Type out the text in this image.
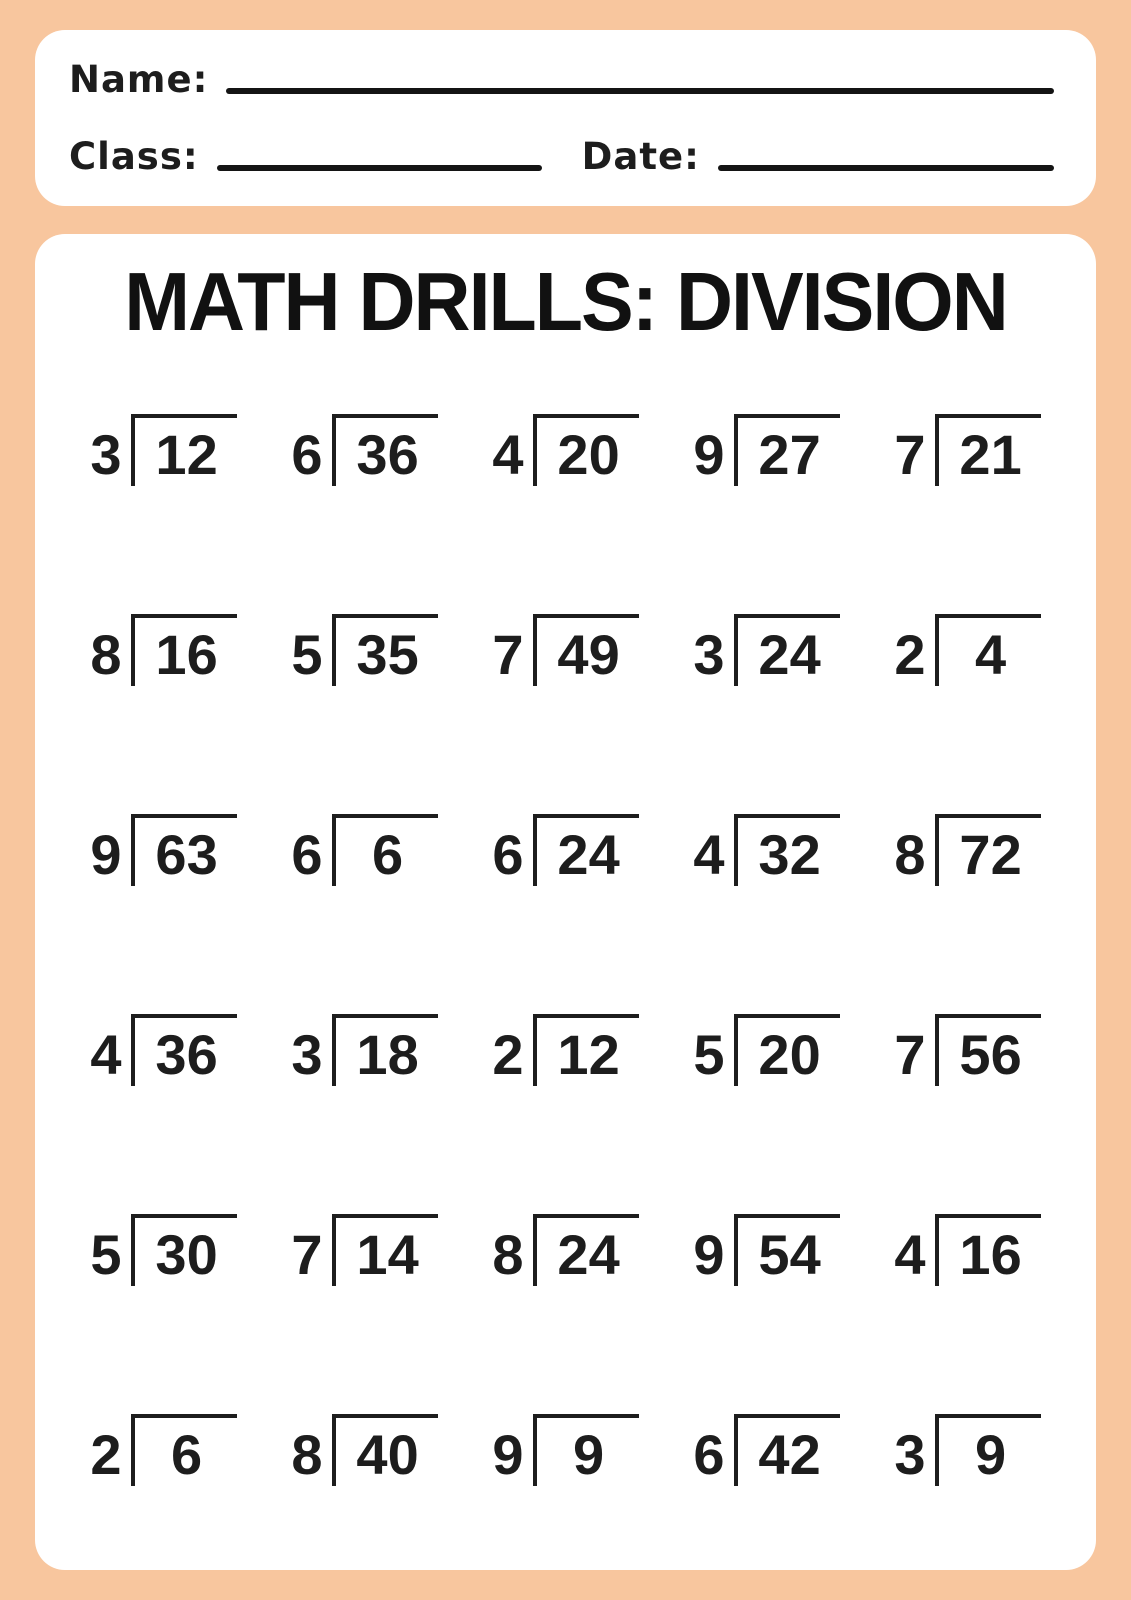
Name:
Class:	Date:
MATH DRILLS: DIVISION
3 12	6 36	4 20	9 27	7 21
8 16	5 35	7 49	3 24	2 4
9 63	6 6	6 24	4 32	8 72
4 36	3 18	2 12	5 20	7 56
5 30	7 14	8 24	9 54	4 16
2 6	8 40	9 9	6 42	3 9
